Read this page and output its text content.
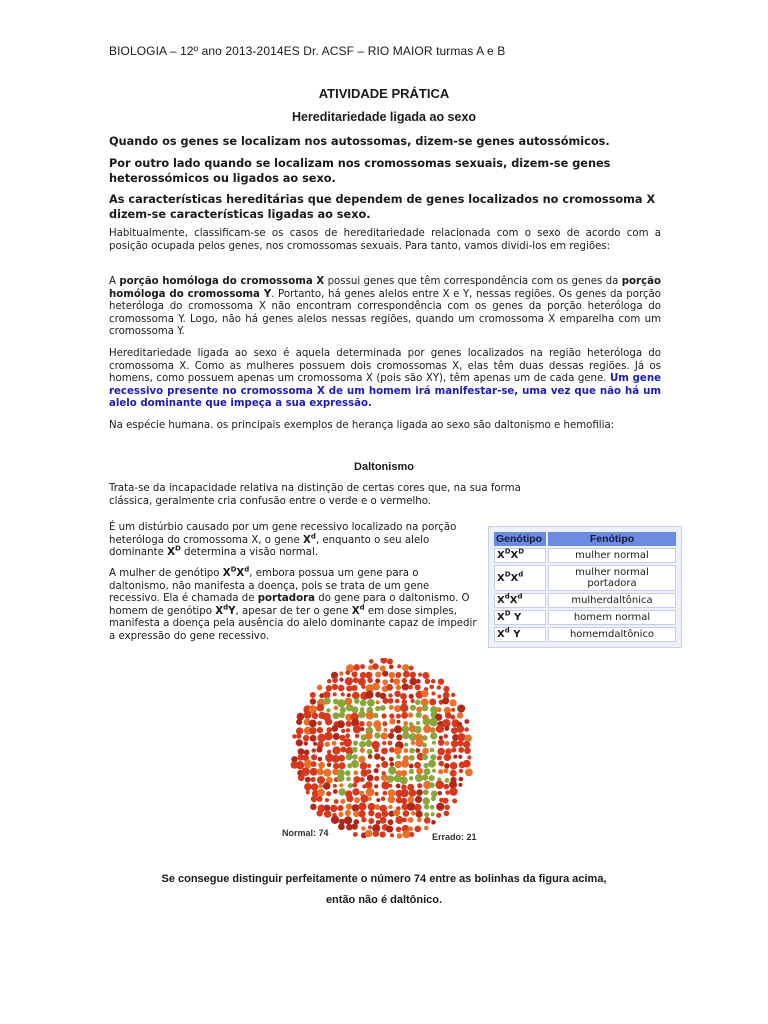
BIOLOGIA – 12º ano 2013-2014ES Dr. ACSF – RIO MAIOR turmas A e B
ATIVIDADE PRÁTICA
Hereditariedade ligada ao sexo
Quando os genes se localizam nos autossomas, dizem-se genes autossómicos.
Por outro lado quando se localizam nos cromossomas sexuais, dizem-se genes heterossómicos ou ligados ao sexo.
As características hereditárias que dependem de genes localizados no cromossoma X dizem-se características ligadas ao sexo.
Habitualmente, classificam-se os casos de hereditariedade relacionada com o sexo de acordo com a posição ocupada pelos genes, nos cromossomas sexuais. Para tanto, vamos dividi-los em regiões:
A porção homóloga do cromossoma X possui genes que têm correspondência com os genes da porção homóloga do cromossoma Y. Portanto, há genes alelos entre X e Y, nessas regiões. Os genes da porção heteróloga do cromossoma X não encontram correspondência com os genes da porção heteróloga do cromossoma Y. Logo, não há genes alelos nessas regiões, quando um cromossoma X emparelha com um cromossoma Y.
Hereditariedade ligada ao sexo é aquela determinada por genes localizados na região heteróloga do cromossoma X. Como as mulheres possuem dois cromossomas X, elas têm duas dessas regiões. Já os homens, como possuem apenas um cromossoma X (pois são XY), têm apenas um de cada gene. Um gene recessivo presente no cromossoma X de um homem irá manifestar-se, uma vez que não há um alelo dominante que impeça a sua expressão.
Na espécie humana. os principais exemplos de herança ligada ao sexo são daltonismo e hemofilia:
Daltonismo
Trata-se da incapacidade relativa na distinção de certas cores que, na sua forma clássica, geralmente cria confusão entre o verde e o vermelho.
É um distúrbio causado por um gene recessivo localizado na porção heteróloga do cromossoma X, o gene $X^d$, enquanto o seu alelo dominante $X^D$ determina a visão normal.
A mulher de genótipo $X^DX^d$, embora possua um gene para o daltonismo, não manifesta a doença, pois se trata de um gene recessivo. Ela é chamada de portadora do gene para o daltonismo. O homem de genótipo $X^dY$, apesar de ter o gene $X^d$ em dose simples, manifesta a doença pela ausência do alelo dominante capaz de impedir a expressão do gene recessivo.
Genótipo	Fenótipo
$X^DX^D$	mulher normal
$X^DX^d$	mulher normal portadora
$X^dX^d$	mulherdaltônica
$X^D$ Y	homem normal
$X^d$ Y	homemdaltônico
Normal: 74	Errado: 21
Se consegue distinguir perfeitamente o número 74 entre as bolinhas da figura acima,
então não é daltônico.
